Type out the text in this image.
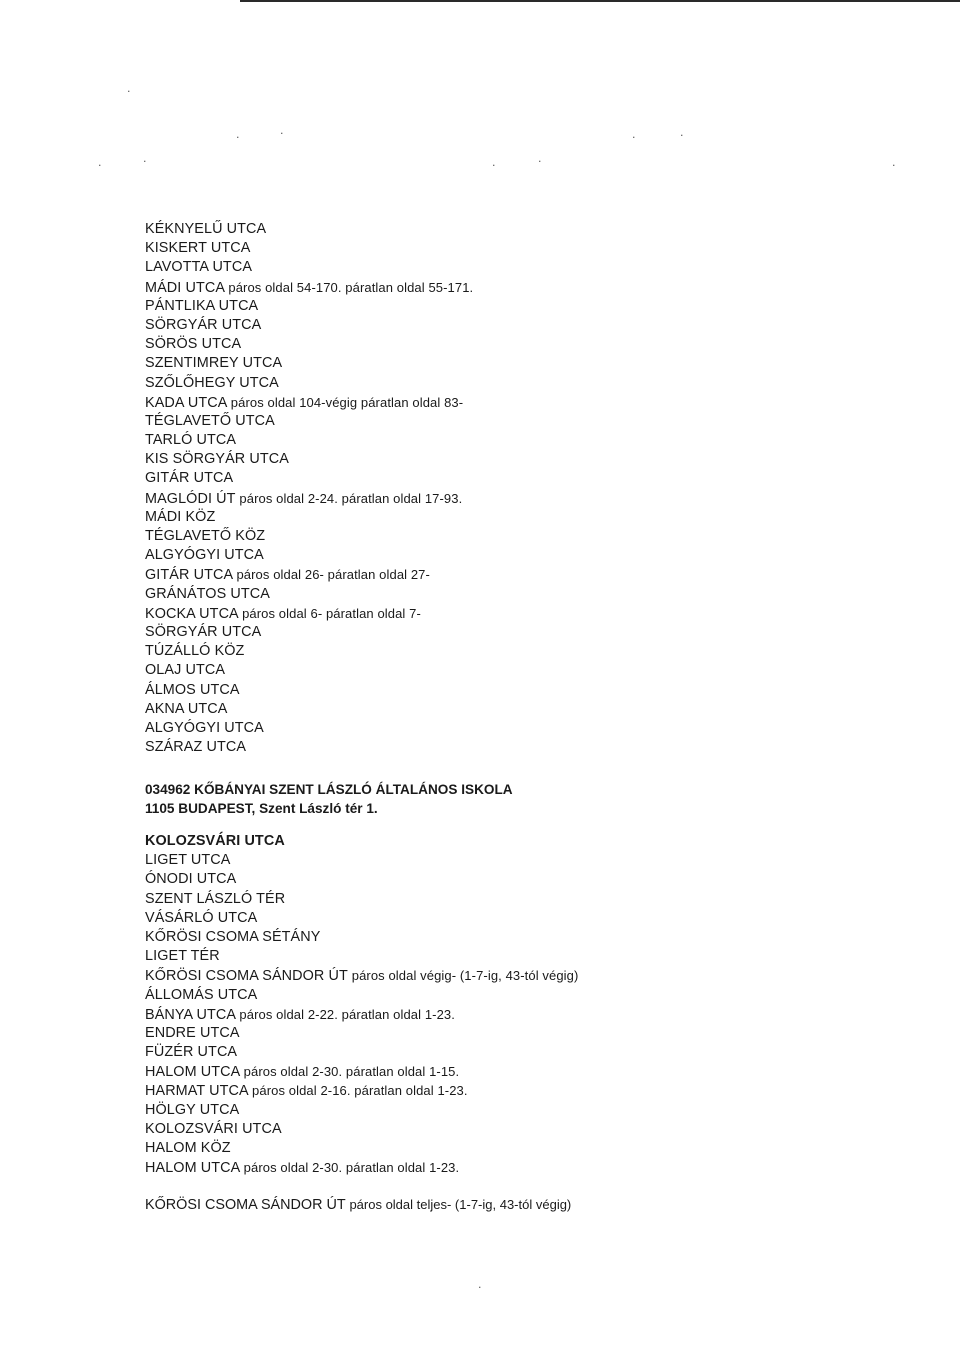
·	·	·	·
·	·	·	·	·
·
·
KÉKNYELŰ UTCA
KISKERT UTCA
LAVOTTA UTCA
MÁDI UTCA páros oldal 54-170. páratlan oldal 55-171.
PÁNTLIKA UTCA
SÖRGYÁR UTCA
SÖRÖS UTCA
SZENTIMREY UTCA
SZŐLŐHEGY UTCA
KADA UTCA páros oldal 104-végig páratlan oldal 83-
TÉGLAVETŐ UTCA
TARLÓ UTCA
KIS SÖRGYÁR UTCA
GITÁR UTCA
MAGLÓDI ÚT páros oldal 2-24. páratlan oldal 17-93.
MÁDI KÖZ
TÉGLAVETŐ KÖZ
ALGYÓGYI UTCA
GITÁR UTCA páros oldal 26- páratlan oldal 27-
GRÁNÁTOS UTCA
KOCKA UTCA páros oldal 6- páratlan oldal 7-
SÖRGYÁR UTCA
TÚZÁLLÓ KÖZ
OLAJ UTCA
ÁLMOS UTCA
AKNA UTCA
ALGYÓGYI UTCA
SZÁRAZ UTCA
034962 KŐBÁNYAI SZENT LÁSZLÓ ÁLTALÁNOS ISKOLA
1105 BUDAPEST, Szent László tér 1.
KOLOZSVÁRI UTCA
LIGET UTCA
ÓNODI UTCA
SZENT LÁSZLÓ TÉR
VÁSÁRLÓ UTCA
KŐRÖSI CSOMA SÉTÁNY
LIGET TÉR
KŐRÖSI CSOMA SÁNDOR ÚT páros oldal végig- (1-7-ig, 43-tól végig)
ÁLLOMÁS UTCA
BÁNYA UTCA páros oldal 2-22. páratlan oldal 1-23.
ENDRE UTCA
FÜZÉR UTCA
HALOM UTCA páros oldal 2-30. páratlan oldal 1-15.
HARMAT UTCA páros oldal 2-16. páratlan oldal 1-23.
HÖLGY UTCA
KOLOZSVÁRI UTCA
HALOM KÖZ
HALOM UTCA páros oldal 2-30. páratlan oldal 1-23.
KŐRÖSI CSOMA SÁNDOR ÚT páros oldal teljes- (1-7-ig, 43-tól végig)
